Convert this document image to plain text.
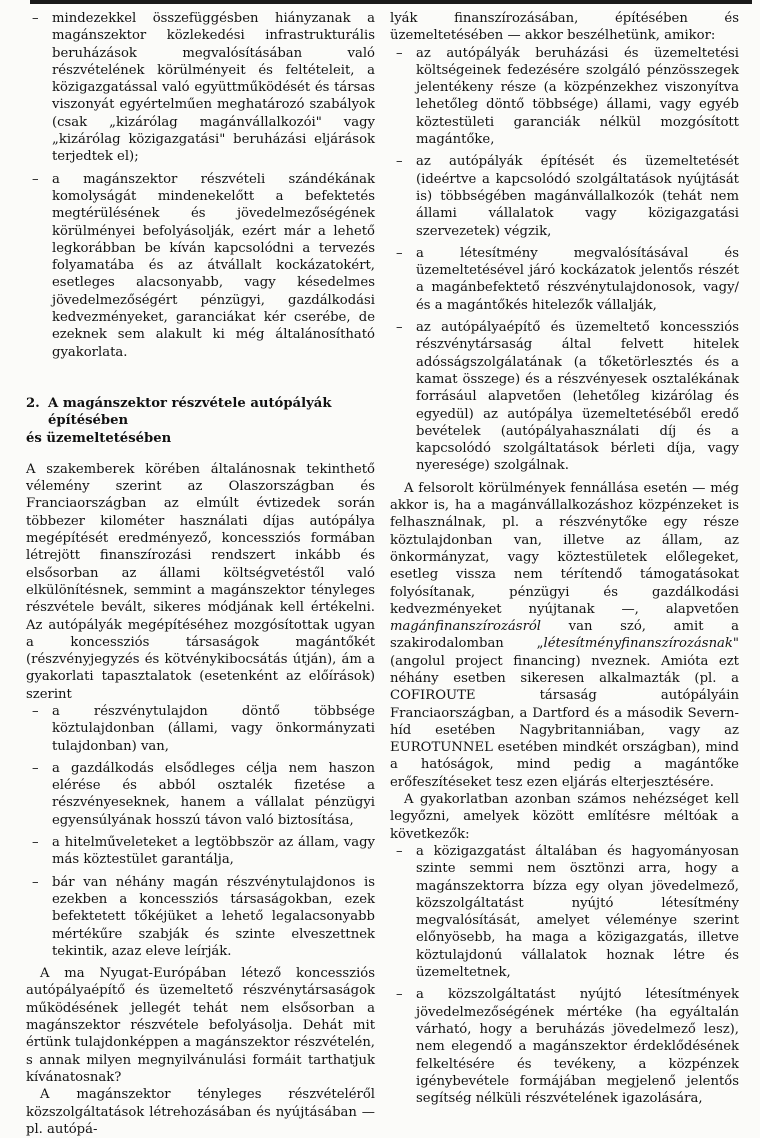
– mindezekkel összefüggésben hiányzanak a magánszektor közlekedési infrastrukturális beruházások megvalósításában való részvételének körülményeit és feltételeit, a közigazgatással való együttműködését és társas viszonyát egyértelműen meghatározó szabályok (csak „kizárólag magánvállalkozói" vagy „kizárólag közigazgatási" beruházási eljárások terjedtek el);
– a magánszektor részvételi szándékának komolyságát mindenekelőtt a befektetés megtérülésének és jövedelmezőségének körülményei befolyásolják, ezért már a lehető legkorábban be kíván kapcsolódni a tervezés folyamatába és az átvállalt kockázatokért, esetleges alacsonyabb, vagy késedelmes jövedelmezőségért pénzügyi, gazdálkodási kedvezményeket, garanciákat kér cserébe, de ezeknek sem alakult ki még általánosítható gyakorlata.
2. A magánszektor részvétele autópályák építésében
és üzemeltetésében

A szakemberek körében általánosnak tekinthető vélemény szerint az Olaszországban és Franciaországban az elmúlt évtizedek során többezer kilométer használati díjas autópálya megépítését eredményező, koncessziós formában létrejött finanszírozási rendszert inkább és elsősorban az állami költségvetéstől való elkülönítésnek, semmint a magánszektor tényleges részvétele bevált, sikeres módjának kell értékelni. Az autópályák megépítéséhez mozgósítottak ugyan a koncessziós társaságok magántőkét (részvényjegyzés és kötvénykibocsátás útján), ám a gyakorlati tapasztalatok (esetenként az előírások) szerint

– a részvénytulajdon döntő többsége köztulajdonban (állami, vagy önkormányzati tulajdonban) van,
– a gazdálkodás elsődleges célja nem haszon elérése és abból osztalék fizetése a részvényeseknek, hanem a vállalat pénzügyi egyensúlyának hosszú távon való biztosítása,
– a hitelműveleteket a legtöbbször az állam, vagy más köztestület garantálja,
– bár van néhány magán részvénytulajdonos is ezekben a koncessziós társaságokban, ezek befektetett tőkéjüket a lehető legalacsonyabb mértékűre szabják és szinte elveszettnek tekintik, azaz eleve leírják.

A ma Nyugat-Európában létező koncessziós autópályaépítő és üzemeltető részvénytársaságok működésének jellegét tehát nem elsősorban a magánszektor részvétele befolyásolja. Dehát mit értünk tulajdonképpen a magánszektor részvételén, s annak milyen megnyilvánulási formáit tarthatjuk kívánatosnak?

A magánszektor tényleges részvételéről közszolgáltatások létrehozásában és nyújtásában — pl. autópá-

lyák finanszírozásában, építésében és üzemeltetésében — akkor beszélhetünk, amikor:

– az autópályák beruházási és üzemeltetési költségeinek fedezésére szolgáló pénzösszegek jelentékeny része (a közpénzekhez viszonyítva lehetőleg döntő többsége) állami, vagy egyéb köztestületi garanciák nélkül mozgósított magántőke,
– az autópályák építését és üzemeltetését (ideértve a kapcsolódó szolgáltatások nyújtását is) többségében magánvállalkozók (tehát nem állami vállalatok vagy közigazgatási szervezetek) végzik,
– a létesítmény megvalósításával és üzemeltetésével járó kockázatok jelentős részét a magánbefektető részvénytulajdonosok, vagy/és a magántőkés hitelezők vállalják,
– az autópályaépítő és üzemeltető koncessziós részvénytársaság által felvett hitelek adósságszolgálatának (a tőketörlesztés és a kamat összege) és a részvényesek osztalékának forrásául alapvetően (lehetőleg kizárólag és egyedül) az autópálya üzemeltetéséből eredő bevételek (autópályahasználati díj és a kapcsolódó szolgáltatások bérleti díja, vagy nyeresége) szolgálnak.

A felsorolt körülmények fennállása esetén — még akkor is, ha a magánvállalkozáshoz közpénzeket is felhasználnak, pl. a részvénytőke egy része köztulajdonban van, illetve az állam, az önkormányzat, vagy köztestületek előlegeket, esetleg vissza nem térítendő támogatásokat folyósítanak, pénzügyi és gazdálkodási kedvezményeket nyújtanak —, alapvetően magánfinanszírozásról van szó, amit a szakirodalomban „létesítményfinanszírozásnak" (angolul project financing) nveznek. Amióta ezt néhány esetben sikeresen alkalmazták (pl. a COFIROUTE társaság autópályáin Franciaországban, a Dartford és a második Severn-híd esetében Nagybritanniában, vagy az EUROTUNNEL esetében mindkét országban), mind a hatóságok, mind pedig a magántőke erőfeszítéseket tesz ezen eljárás elterjesztésére.

A gyakorlatban azonban számos nehézséget kell legyőzni, amelyek között említésre méltóak a következők:

– a közigazgatást általában és hagyományosan szinte semmi nem ösztönzi arra, hogy a magánszektorra bízza egy olyan jövedelmező, közszolgáltatást nyújtó létesítmény megvalósítását, amelyet véleménye szerint előnyösebb, ha maga a közigazgatás, illetve köztulajdonú vállalatok hoznak létre és üzemeltetnek,
– a közszolgáltatást nyújtó létesítmények jövedelmezőségének mértéke (ha egyáltalán várható, hogy a beruházás jövedelmező lesz), nem elegendő a magánszektor érdeklődésének felkeltésére és tevékeny, a közpénzek igénybevétele formájában megjelenő jelentős segítség nélküli részvételének igazolására,
